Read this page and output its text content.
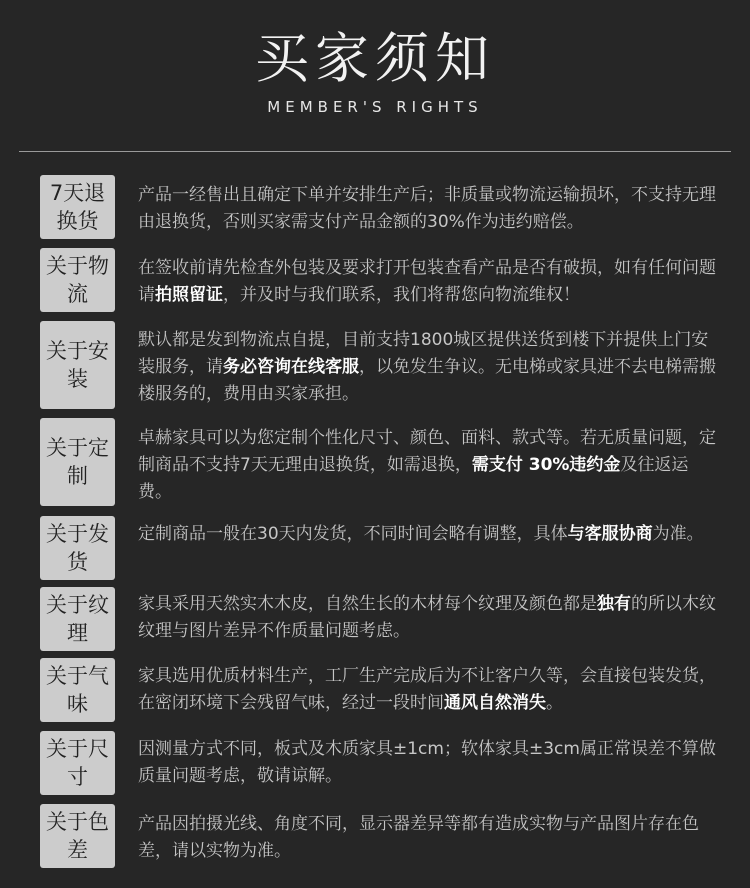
买家须知
MEMBER'S RIGHTS
7天退换货
产品一经售出且确定下单并安排生产后；非质量或物流运输损坏，不支持无理由退换货，否则买家需支付产品金额的30%作为违约赔偿。
关于物流
在签收前请先检查外包装及要求打开包装查看产品是否有破损，如有任何问题请拍照留证，并及时与我们联系，我们将帮您向物流维权！
关于安装
默认都是发到物流点自提，目前支持1800城区提供送货到楼下并提供上门安装服务，请务必咨询在线客服，以免发生争议。无电梯或家具进不去电梯需搬楼服务的，费用由买家承担。
关于定制
卓赫家具可以为您定制个性化尺寸、颜色、面料、款式等。若无质量问题，定制商品不支持7天无理由退换货，如需退换，需支付 30%违约金及往返运费。
关于发货
定制商品一般在30天内发货，不同时间会略有调整，具体与客服协商为准。
关于纹理
家具采用天然实木木皮，自然生长的木材每个纹理及颜色都是独有的所以木纹纹理与图片差异不作质量问题考虑。
关于气味
家具选用优质材料生产，工厂生产完成后为不让客户久等，会直接包装发货，在密闭环境下会残留气味，经过一段时间通风自然消失。
关于尺寸
因测量方式不同，板式及木质家具±1cm；软体家具±3cm属正常误差不算做质量问题考虑，敬请谅解。
关于色差
产品因拍摄光线、角度不同，显示器差异等都有造成实物与产品图片存在色差，请以实物为准。
